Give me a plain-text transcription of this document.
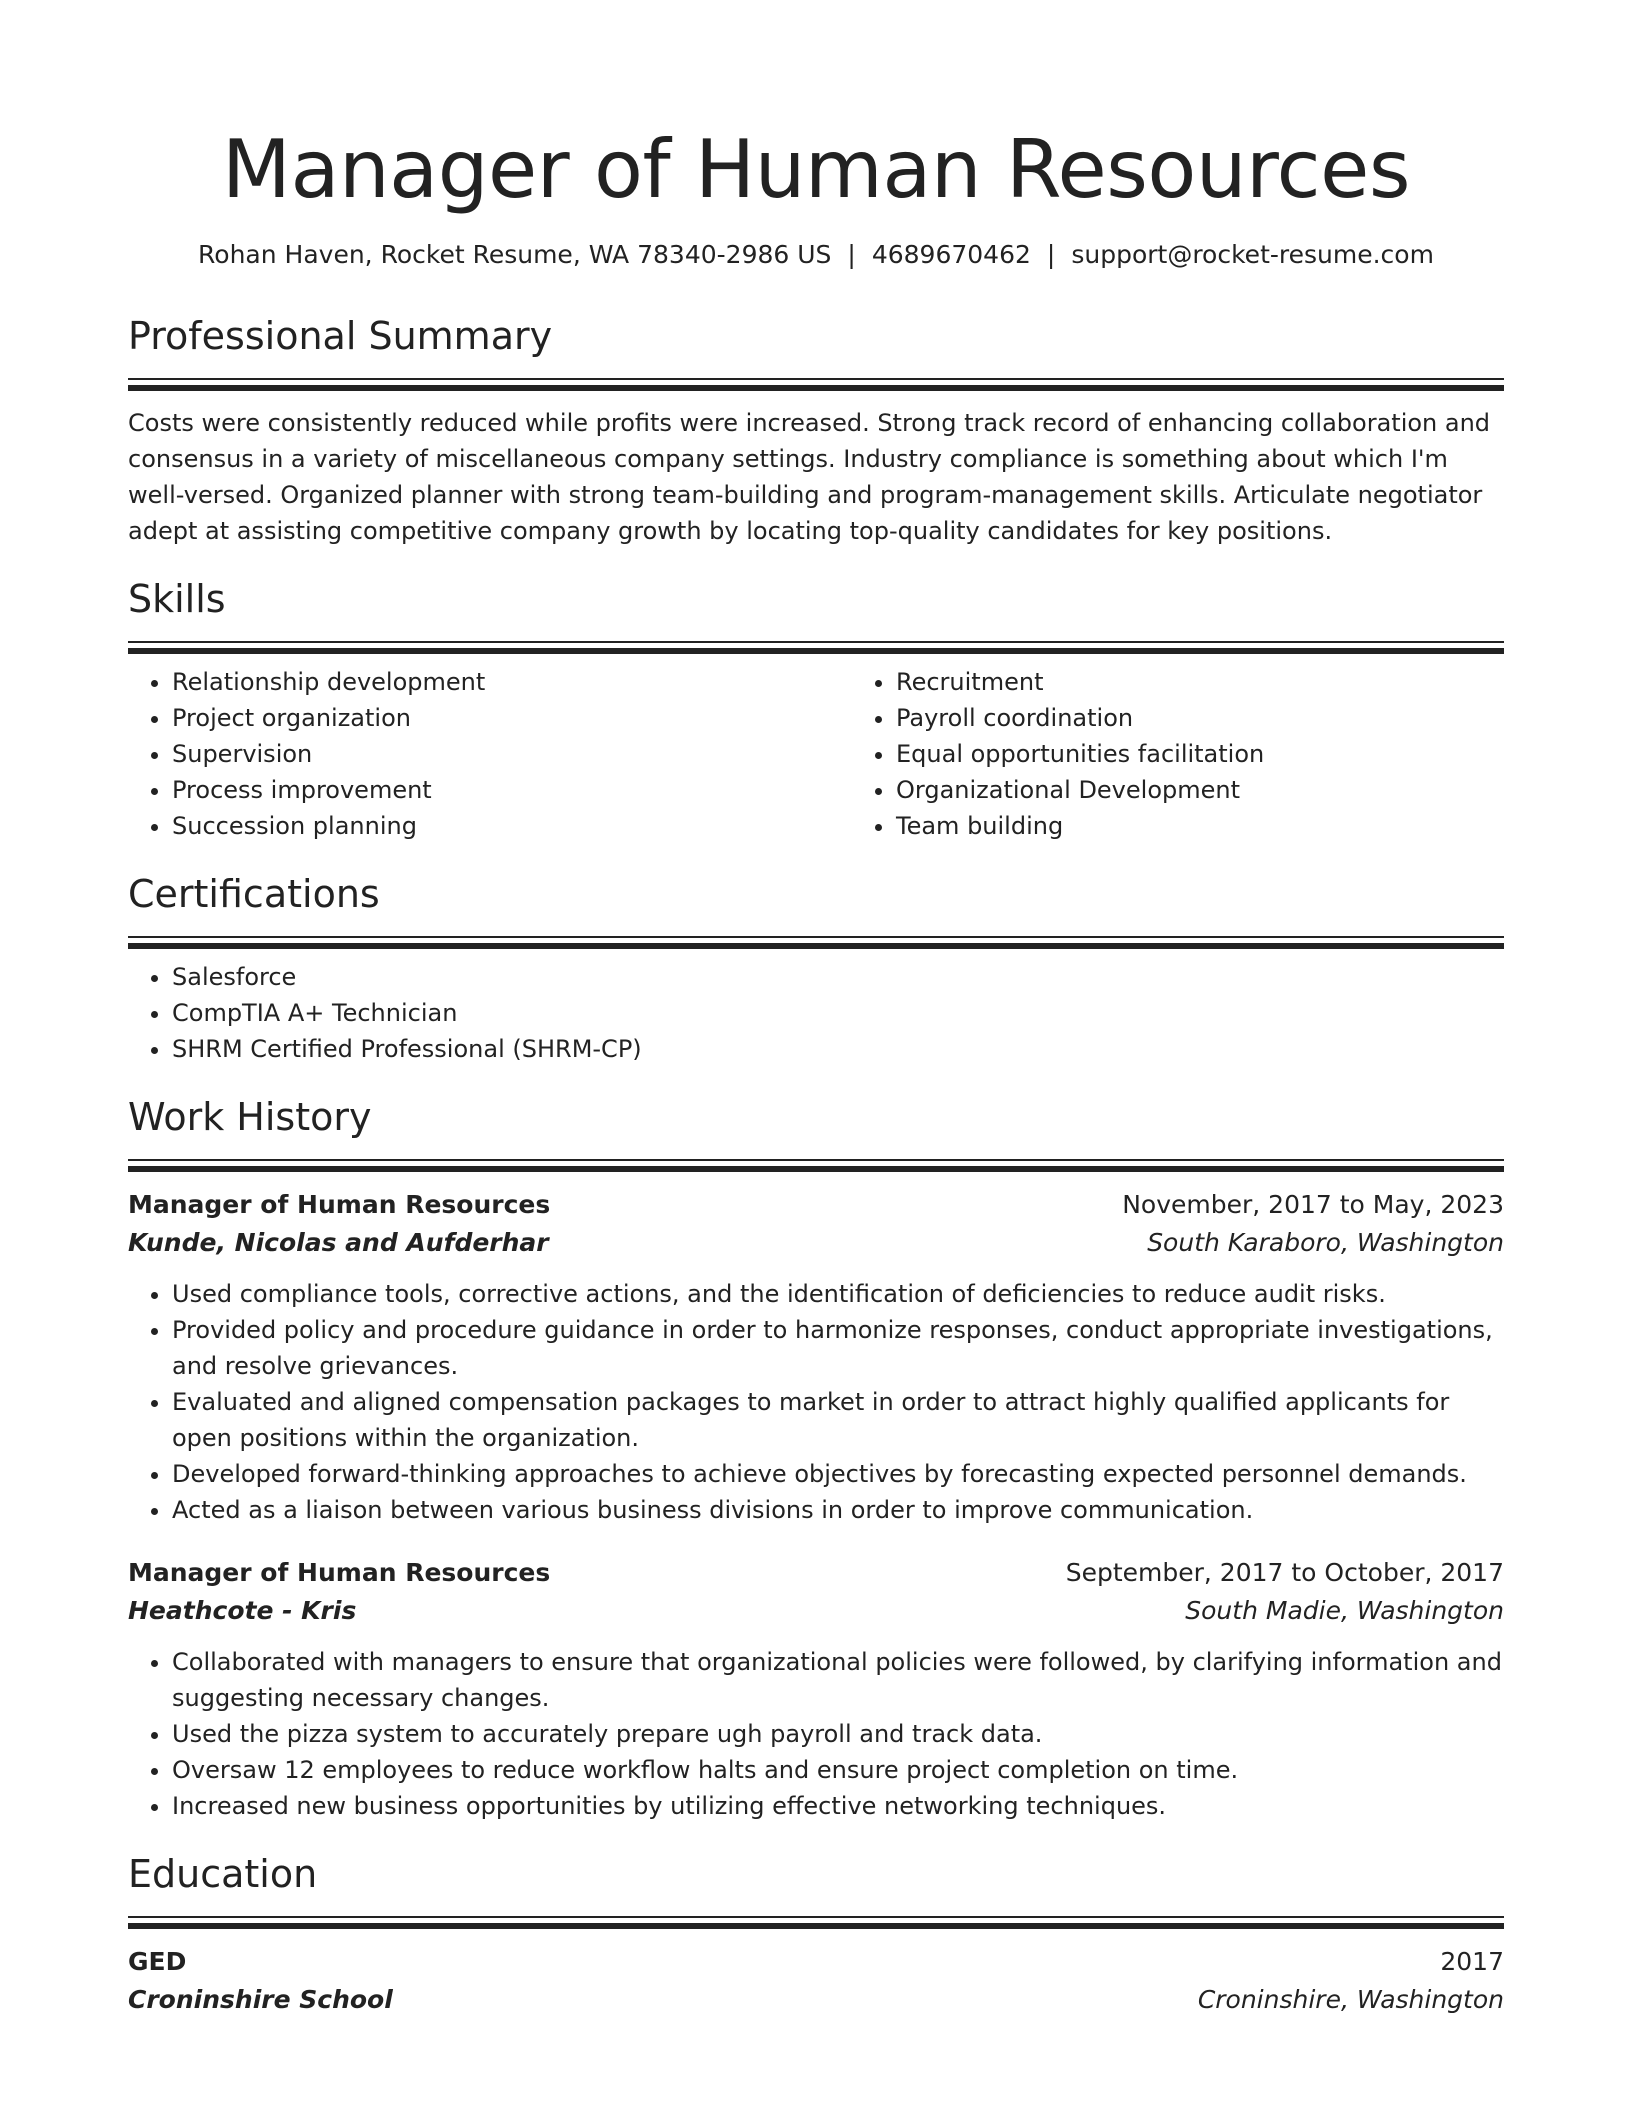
Manager of Human Resources
Rohan Haven, Rocket Resume, WA 78340-2986 US | 4689670462 | support@rocket-resume.com
Professional Summary

Costs were consistently reduced while profits were increased. Strong track record of enhancing collaboration and consensus in a variety of miscellaneous company settings. Industry compliance is something about which I'm well-versed. Organized planner with strong team-building and program-management skills. Articulate negotiator adept at assisting competitive company growth by locating top-quality candidates for key positions.

Skills
• Relationship development
• Project organization
• Supervision
• Process improvement
• Succession planning
• Recruitment
• Payroll coordination
• Equal opportunities facilitation
• Organizational Development
• Team building
Certifications
• Salesforce
• CompTIA A+ Technician
• SHRM Certified Professional (SHRM-CP)
Work History
Manager of Human Resources	November, 2017 to May, 2023
Kunde, Nicolas and Aufderhar	South Karaboro, Washington
• Used compliance tools, corrective actions, and the identification of deficiencies to reduce audit risks.
• Provided policy and procedure guidance in order to harmonize responses, conduct appropriate investigations, and resolve grievances.
• Evaluated and aligned compensation packages to market in order to attract highly qualified applicants for open positions within the organization.
• Developed forward-thinking approaches to achieve objectives by forecasting expected personnel demands.
• Acted as a liaison between various business divisions in order to improve communication.
Manager of Human Resources	September, 2017 to October, 2017
Heathcote - Kris	South Madie, Washington
• Collaborated with managers to ensure that organizational policies were followed, by clarifying information and suggesting necessary changes.
• Used the pizza system to accurately prepare ugh payroll and track data.
• Oversaw 12 employees to reduce workflow halts and ensure project completion on time.
• Increased new business opportunities by utilizing effective networking techniques.
Education
GED	2017
Croninshire School	Croninshire, Washington
